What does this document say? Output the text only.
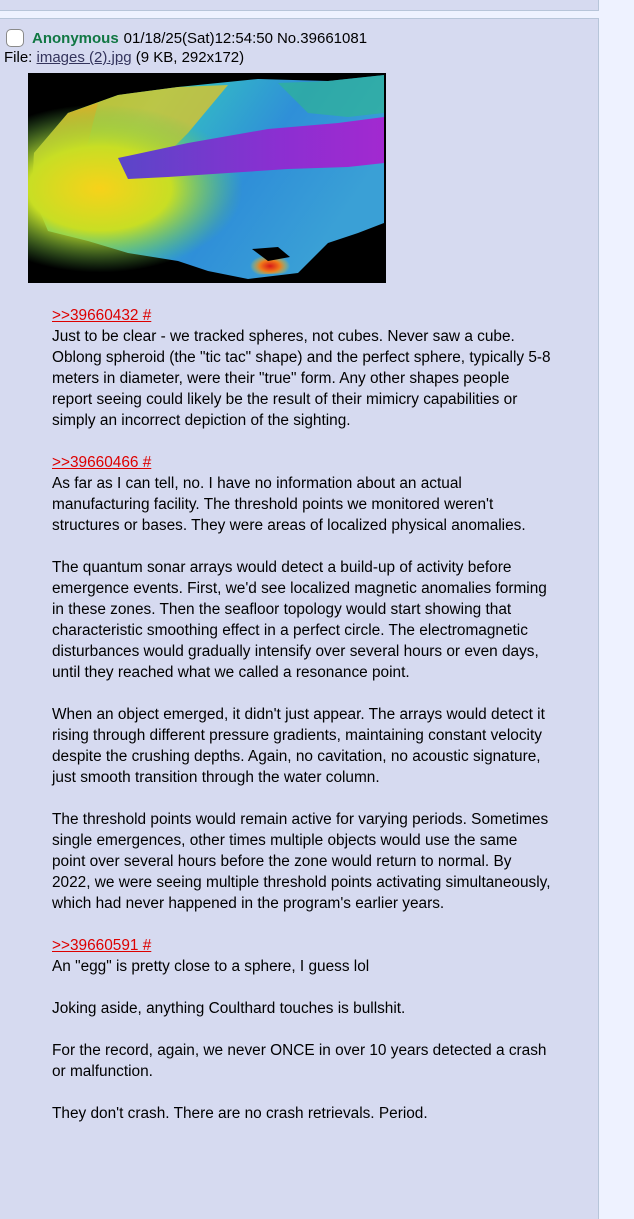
Anonymous 01/18/25(Sat)12:54:50 No.39661081
File: images (2).jpg (9 KB, 292x172)
>>39660432 #

Just to be clear - we tracked spheres, not cubes. Never saw a cube. Oblong spheroid (the "tic tac" shape) and the perfect sphere, typically 5-8 meters in diameter, were their "true" form. Any other shapes people report seeing could likely be the result of their mimicry capabilities or simply an incorrect depiction of the sighting.

>>39660466 #

As far as I can tell, no. I have no information about an actual manufacturing facility. The threshold points we monitored weren't structures or bases. They were areas of localized physical anomalies.

The quantum sonar arrays would detect a build-up of activity before emergence events. First, we'd see localized magnetic anomalies forming in these zones. Then the seafloor topology would start showing that characteristic smoothing effect in a perfect circle. The electromagnetic disturbances would gradually intensify over several hours or even days, until they reached what we called a resonance point.

When an object emerged, it didn't just appear. The arrays would detect it rising through different pressure gradients, maintaining constant velocity despite the crushing depths. Again, no cavitation, no acoustic signature, just smooth transition through the water column.

The threshold points would remain active for varying periods. Sometimes single emergences, other times multiple objects would use the same point over several hours before the zone would return to normal. By 2022, we were seeing multiple threshold points activating simultaneously, which had never happened in the program's earlier years.

>>39660591 #

An "egg" is pretty close to a sphere, I guess lol

Joking aside, anything Coulthard touches is bullshit.

For the record, again, we never ONCE in over 10 years detected a crash or malfunction.

They don't crash. There are no crash retrievals. Period.
